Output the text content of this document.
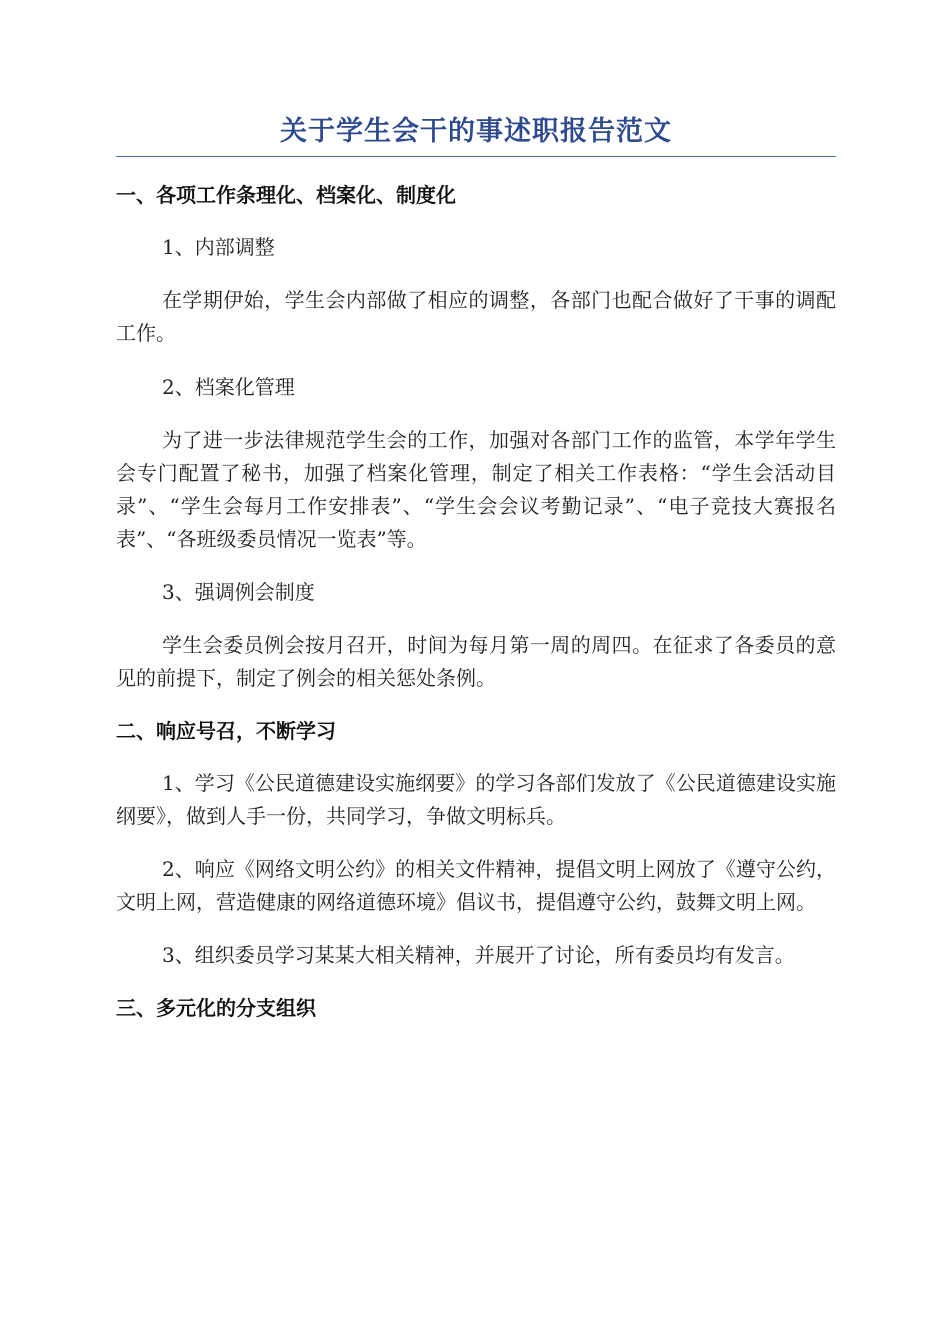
关于学生会干的事述职报告范文
一、各项工作条理化、档案化、制度化

1、内部调整

在学期伊始，学生会内部做了相应的调整，各部门也配合做好了干事的调配工作。

2、档案化管理

为了进一步法律规范学生会的工作，加强对各部门工作的监管，本学年学生会专门配置了秘书，加强了档案化管理，制定了相关工作表格：“学生会活动目录”、“学生会每月工作安排表”、“学生会会议考勤记录”、“电子竞技大赛报名表”、“各班级委员情况一览表”等。

3、强调例会制度

学生会委员例会按月召开，时间为每月第一周的周四。在征求了各委员的意见的前提下，制定了例会的相关惩处条例。

二、响应号召，不断学习

1、学习《公民道德建设实施纲要》的学习各部们发放了《公民道德建设实施纲要》，做到人手一份，共同学习，争做文明标兵。

2、响应《网络文明公约》的相关文件精神，提倡文明上网放了《遵守公约，文明上网，营造健康的网络道德环境》倡议书，提倡遵守公约，鼓舞文明上网。

3、组织委员学习某某大相关精神，并展开了讨论，所有委员均有发言。

三、多元化的分支组织
